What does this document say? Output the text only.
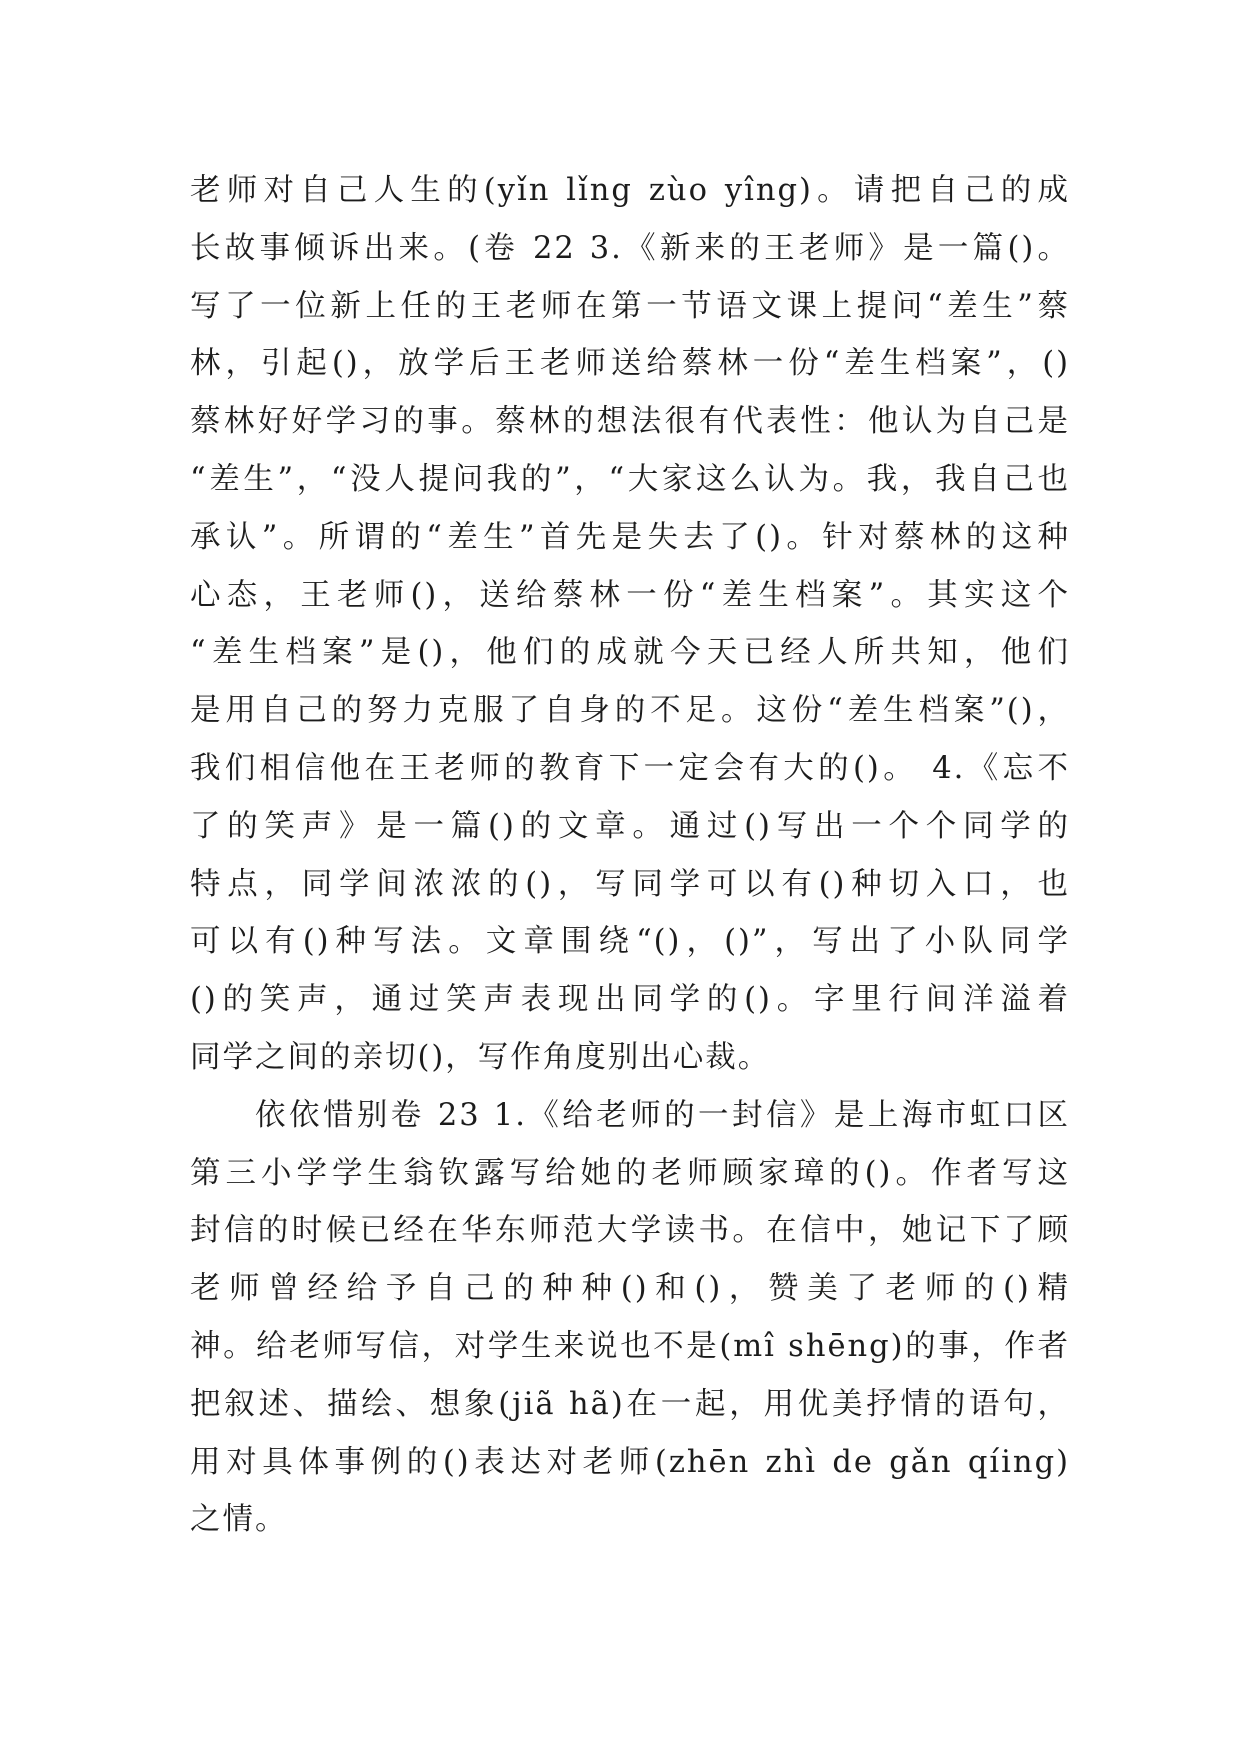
老师对自己人生的(yǐn lǐng zùo yîng)。请把自己的成
长故事倾诉出来。(卷 22 3.《新来的王老师》是一篇()。
写了一位新上任的王老师在第一节语文课上提问“差生”蔡
林，引起()，放学后王老师送给蔡林一份“差生档案”，()
蔡林好好学习的事。蔡林的想法很有代表性：他认为自己是
“差生”，“没人提问我的”，“大家这么认为。我，我自己也
承认”。所谓的“差生”首先是失去了()。针对蔡林的这种
心态，王老师()，送给蔡林一份“差生档案”。其实这个
“差生档案”是()，他们的成就今天已经人所共知，他们
是用自己的努力克服了自身的不足。这份“差生档案”()，
我们相信他在王老师的教育下一定会有大的()。 4.《忘不
了的笑声》是一篇()的文章。通过()写出一个个同学的
特点，同学间浓浓的()，写同学可以有()种切入口，也
可以有()种写法。文章围绕“()，()”，写出了小队同学
()的笑声，通过笑声表现出同学的()。字里行间洋溢着
同学之间的亲切()，写作角度别出心裁。
依依惜别卷 23 1.《给老师的一封信》是上海市虹口区
第三小学学生翁钦露写给她的老师顾家璋的()。作者写这
封信的时候已经在华东师范大学读书。在信中，她记下了顾
老师曾经给予自己的种种()和()，赞美了老师的()精
神。给老师写信，对学生来说也不是(mî shēng)的事，作者
把叙述、描绘、想象(jiã hã)在一起，用优美抒情的语句，
用对具体事例的()表达对老师(zhēn zhì de gǎn qíing)
之情。
